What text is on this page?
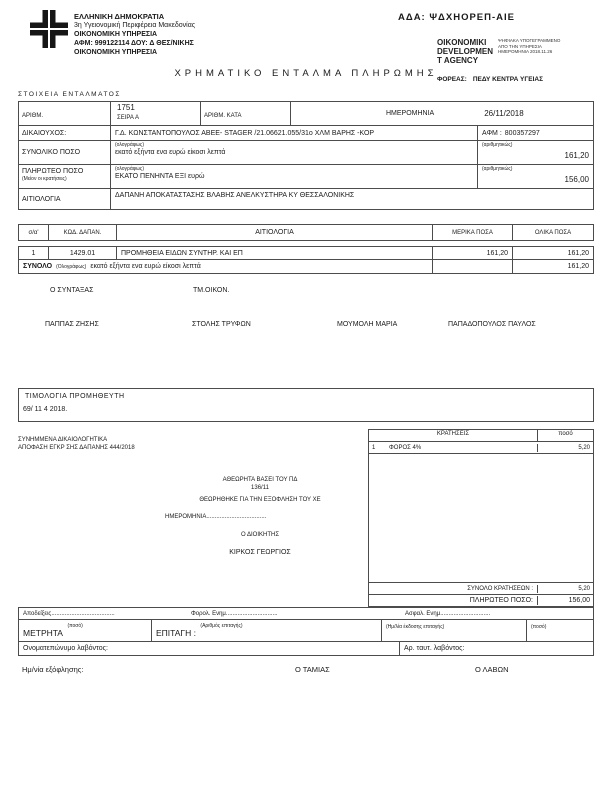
ΕΛΛΗΝΙΚΗ ΔΗΜΟΚΡΑΤΙΑ
3η Υγειονομική Περιφέρεια Μακεδονίας
ΟΙΚΟΝΟΜΙΚΗ ΥΠΗΡΕΣΙΑ
ΑΦΜ: 999122114 ΔΟΥ: Δ ΘΕΣ/ΝΙΚΗΣ
ΟΙΚΟΝΟΜΙΚΗ ΥΠΗΡΕΣΙΑ
ΑΔΑ: ΨΔΧΗΟΡΕΠ-ΑΙΕ
OIKONOMIKI
DEVELOPMEN
T AGENCY
ΨΗΦΙΑΚΑ ΥΠΟΓΕΓΡΑΜΜΕΝΟ
ΑΠΟ ΤΗΝ ΥΠΗΡΕΣΙΑ
ΗΜΕΡΟΜΗΝΙΑ 2018.11.26
ΦΟΡΕΑΣ: ΠΕΔΥ ΚΕΝΤΡΑ ΥΓΕΙΑΣ
ΧΡΗΜΑΤΙΚΟ ΕΝΤΑΛΜΑ ΠΛΗΡΩΜΗΣ
ΣΤΟΙΧΕΙΑ ΕΝΤΑΛΜΑΤΟΣ
ΑΡΙΘΜ.
1751
ΣΕΙΡΑ Α	ΑΡΙΘΜ. ΚΑΤΑ	ΗΜΕΡΟΜΗΝΙΑ	26/11/2018
ΔΙΚΑΙΟΥΧΟΣ:	Γ.Δ. ΚΩΝΣΤΑΝΤΟΠΟΥΛΟΣ ΑΒΕΕ- STAGER /21.06621.055/31ο ΧΛΜ ΒΑΡΗΣ -ΚΟΡ	ΑΦΜ : 800357297
ΣΥΝΟΛΙΚΟ ΠΟΣΟ
(ολογράφως)
εκατό εξήντα ενα ευρώ είκοσι λεπτά
(αριθμητικώς)
161,20
ΠΛΗΡΩΤΕΟ ΠΟΣΟ
(Μείον οι κρατήσεις)
(ολογράφως)
ΕΚΑΤΟ ΠΕΝΗΝΤΑ ΕΞΙ ευρώ
(αριθμητικώς)
156,00
ΑΙΤΙΟΛΟΓΙΑ	ΔΑΠΑΝΗ ΑΠΟΚΑΤΑΣΤΑΣΗΣ ΒΛΑΒΗΣ ΑΝΕΛΚΥΣΤΗΡΑ ΚΥ ΘΕΣΣΑΛΟΝΙΚΗΣ
σ/α'	ΚΩΔ. ΔΑΠΑΝ.	ΑΙΤΙΟΛΟΓΙΑ	ΜΕΡΙΚΑ ΠΟΣΑ	ΟΛΙΚΑ ΠΟΣΑ
1	1429.01	ΠΡΟΜΗΘΕΙΑ ΕΙΔΩΝ ΣΥΝΤΗΡ. ΚΑΙ ΕΠ	161,20	161,20
ΣΥΝΟΛΟ (Ολογράφως) εκατό εξήντα ενα ευρώ είκοσι λεπτά	161,20
Ο ΣΥΝΤΑΞΑΣ	ΤΜ.ΟΙΚΟΝ.
ΠΑΠΠΑΣ ΖΗΣΗΣ	ΣΤΟΛΗΣ ΤΡΥΦΩΝ	ΜΟΥΜΟΛΗ ΜΑΡΙΑ	ΠΑΠΑΔΟΠΟΥΛΟΣ ΠΑΥΛΟΣ
ΤΙΜΟΛΟΓΙΑ ΠΡΟΜΗΘΕΥΤΗ
69/ 11 4 2018.
ΣΥΝΗΜΜΕΝΑ ΔΙΚΑΙΟΛΟΓΗΤΙΚΑ
ΑΠΟΦΑΣΗ ΕΓΚΡ ΣΗΣ ΔΑΠΑΝΗΣ 444/2018
ΚΡΑΤΗΣΕΙΣ	ποσό
1	ΦΟΡΟΣ 4%	5,20
ΣΥΝΟΛΟ ΚΡΑΤΗΣΕΩΝ :	5,20
ΠΛΗΡΩΤΕΟ ΠΟΣΟ:	156,00
ΑΘΕΩΡΗΤΑ ΒΑΣΕΙ ΤΟΥ ΠΔ
136/11
ΘΕΩΡΗΘΗΚΕ ΓΙΑ ΤΗΝ ΕΞΟΦΛΗΣΗ ΤΟΥ ΧΕ
ΗΜΕΡΟΜΗΝΙΑ....................................
Ο ΔΙΟΙΚΗΤΗΣ
ΚΙΡΚΟΣ ΓΕΩΡΓΙΟΣ
Αποδείξεις......................................	Φορολ. Ενημ...............................	Ασφαλ. Ενημ..............................
ΜΕΤΡΗΤΑ $^{(\pi o\sigma ό)}$
ΕΠΙΤΑΓΗ : $^{(A\rho\iota\theta\mu ό\varsigma \varepsilon\pi\iota\tau\alpha\gamma ή\varsigma)}$	(Ημ/λία έκδοσης επιταγής)	(ποσό)
Ονοματεπώνυμο λαβόντος:	Αρ. ταυτ. λαβόντος:
Ημ/νία εξόφλησης:	Ο ΤΑΜΙΑΣ	Ο ΛΑΒΩΝ
